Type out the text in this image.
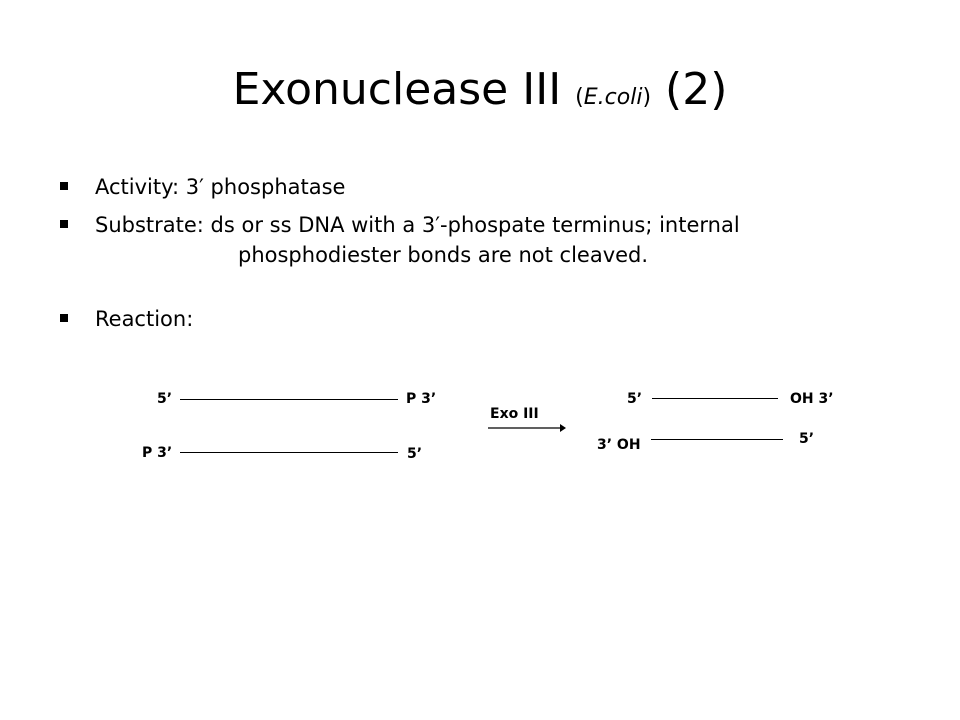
Exonuclease III (E.coli) (2)
Activity: 3′ phosphatase
Substrate: ds or ss DNA with a 3′-phospate terminus; internal
phosphodiester bonds are not cleaved.
Reaction:
5’	P 3’
P 3’	5’
Exo III
5’	OH 3’
3’ OH	5’
